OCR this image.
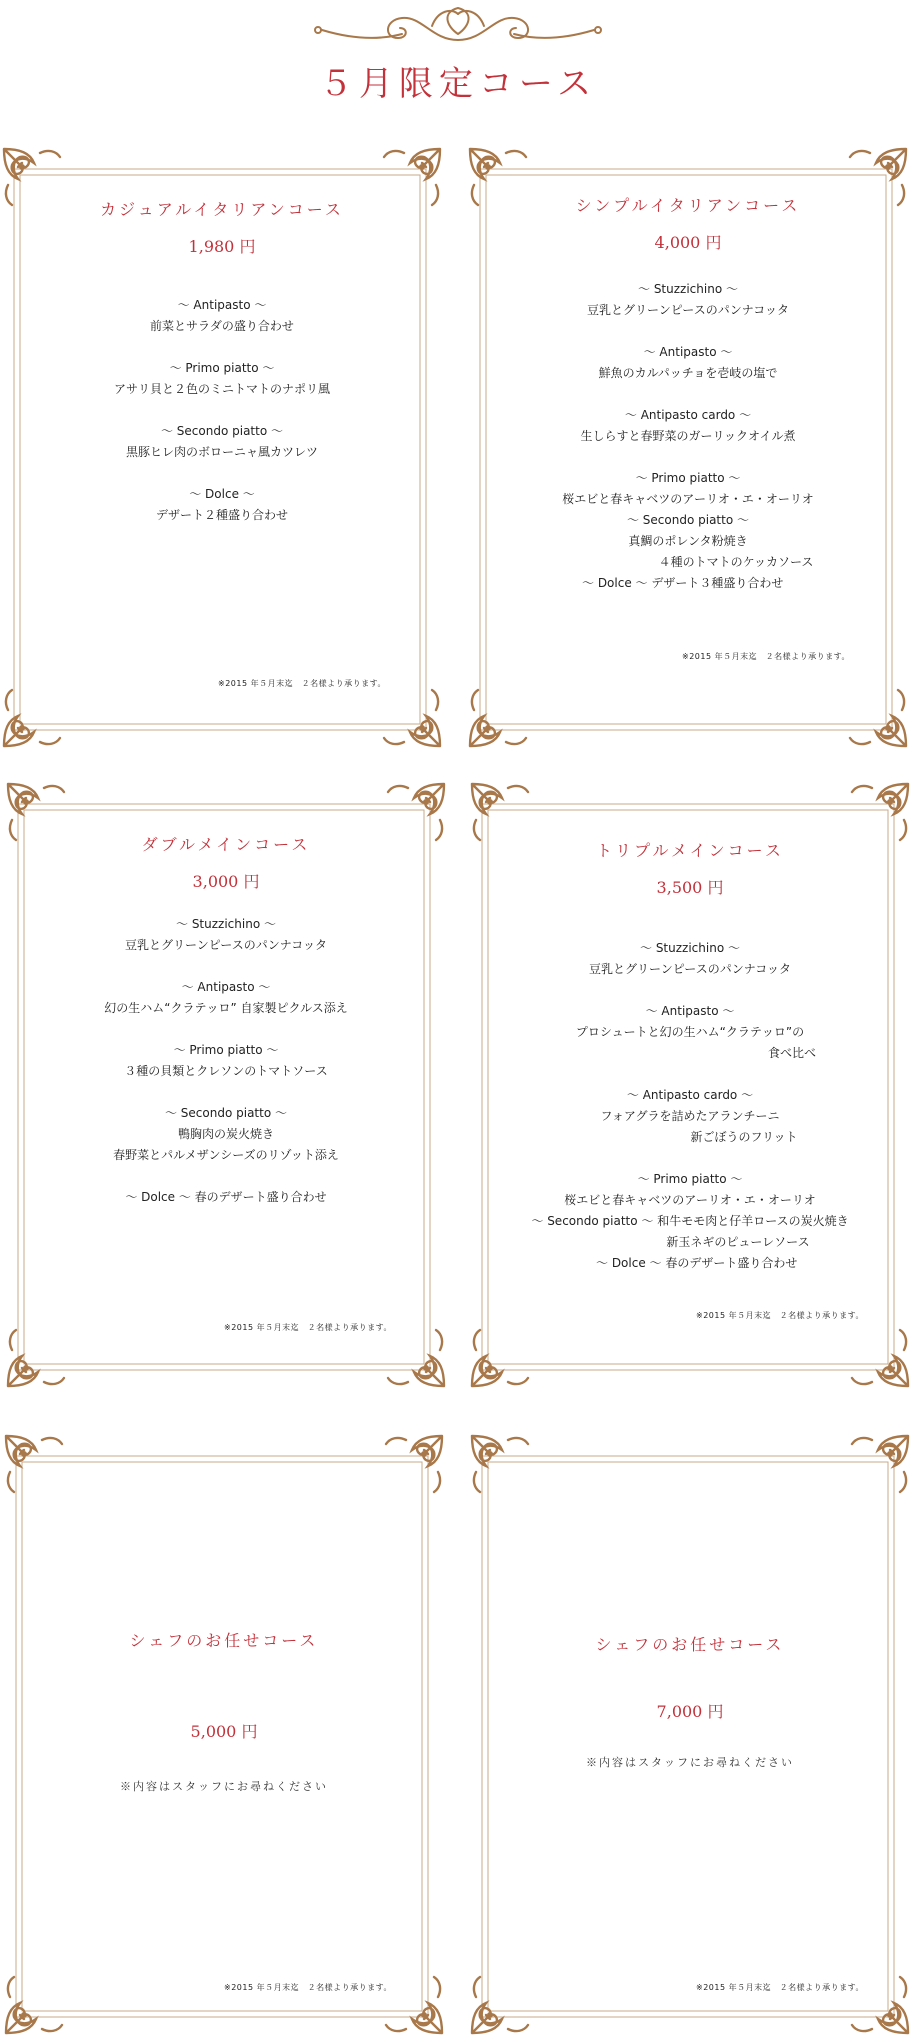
５月限定コース
カジュアルイタリアンコース
1,980 円
～ Antipasto ～
前菜とサラダの盛り合わせ
～ Primo piatto ～
アサリ貝と２色のミニトマトのナポリ風
～ Secondo piatto ～
黒豚ヒレ肉のボローニャ風カツレツ
～ Dolce ～
デザート２種盛り合わせ
※2015 年５月末迄　２名様より承ります。
シンプルイタリアンコース
4,000 円
～ Stuzzichino ～
豆乳とグリーンピースのパンナコッタ
～ Antipasto ～
鮮魚のカルパッチョを壱岐の塩で
～ Antipasto cardo ～
生しらすと春野菜のガーリックオイル煮
～ Primo piatto ～
桜エビと春キャベツのアーリオ・エ・オーリオ
～ Secondo piatto ～
真鯛のポレンタ粉焼き
　　　　　　　　４種のトマトのケッカソース
～ Dolce ～ デザート３種盛り合わせ
※2015 年５月末迄　２名様より承ります。
ダブルメインコース
3,000 円
～ Stuzzichino ～
豆乳とグリーンピースのパンナコッタ
～ Antipasto ～
幻の生ハム“クラテッロ” 自家製ピクルス添え
～ Primo piatto ～
３種の貝類とクレソンのトマトソース
～ Secondo piatto ～
鴨胸肉の炭火焼き
春野菜とパルメザンシーズのリゾット添え
～ Dolce ～ 春のデザート盛り合わせ
※2015 年５月末迄　２名様より承ります。
トリプルメインコース
3,500 円
～ Stuzzichino ～
豆乳とグリーンピースのパンナコッタ
～ Antipasto ～
プロシュートと幻の生ハム“クラテッロ”の
　　　　　　　　　　　　　　　　　食べ比べ
～ Antipasto cardo ～
フォアグラを詰めたアランチーニ
　　　　　　　　　新ごぼうのフリット
～ Primo piatto ～
桜エビと春キャベツのアーリオ・エ・オーリオ
～ Secondo piatto ～ 和牛モモ肉と仔羊ロースの炭火焼き
　　　　　　　　新玉ネギのピューレソース
～ Dolce ～ 春のデザート盛り合わせ
※2015 年５月末迄　２名様より承ります。
シェフのお任せコース
5,000 円
※内容はスタッフにお尋ねください
※2015 年５月末迄　２名様より承ります。
シェフのお任せコース
7,000 円
※内容はスタッフにお尋ねください
※2015 年５月末迄　２名様より承ります。
